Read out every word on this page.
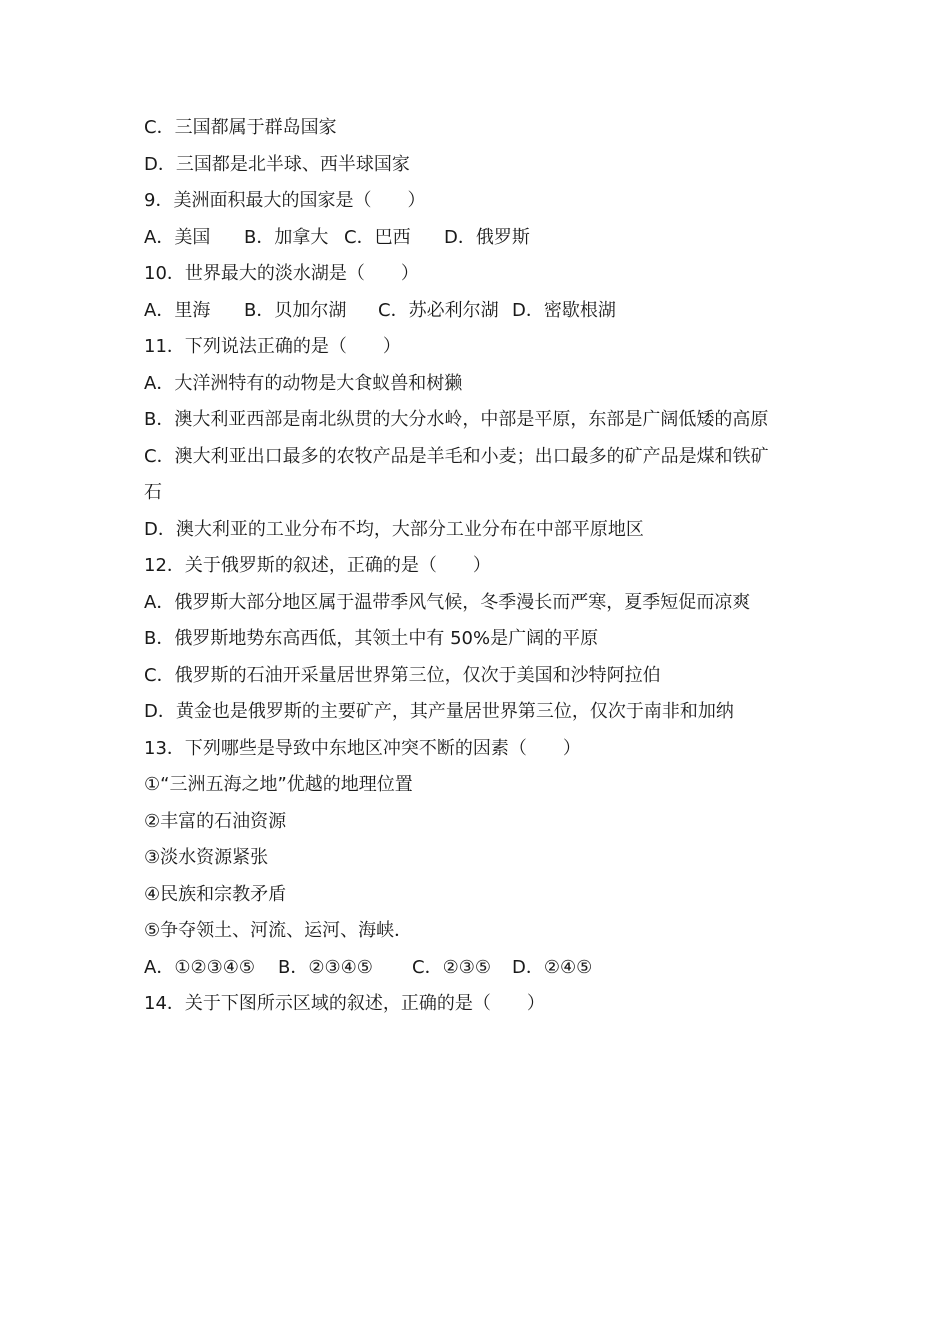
C．三国都属于群岛国家
D．三国都是北半球、西半球国家
9．美洲面积最大的国家是（　　）
A．美国	B．加拿大 C．巴西	D．俄罗斯
10．世界最大的淡水湖是（　　）
A．里海	B．贝加尔湖	C．苏必利尔湖 D．密歇根湖
11．下列说法正确的是（　　）
A．大洋洲特有的动物是大食蚁兽和树獭
B．澳大利亚西部是南北纵贯的大分水岭，中部是平原，东部是广阔低矮的高原
C．澳大利亚出口最多的农牧产品是羊毛和小麦；出口最多的矿产品是煤和铁矿
石
D．澳大利亚的工业分布不均，大部分工业分布在中部平原地区
12．关于俄罗斯的叙述，正确的是（　　）
A．俄罗斯大部分地区属于温带季风气候，冬季漫长而严寒，夏季短促而凉爽
B．俄罗斯地势东高西低，其领土中有 50%是广阔的平原
C．俄罗斯的石油开采量居世界第三位，仅次于美国和沙特阿拉伯
D．黄金也是俄罗斯的主要矿产，其产量居世界第三位，仅次于南非和加纳
13．下列哪些是导致中东地区冲突不断的因素（　　）
①“三洲五海之地”优越的地理位置
②丰富的石油资源
③淡水资源紧张
④民族和宗教矛盾
⑤争夺领土、河流、运河、海峡．
A．①②③④⑤	B．②③④⑤	C．②③⑤	D．②④⑤
14．关于下图所示区域的叙述，正确的是（　　）
